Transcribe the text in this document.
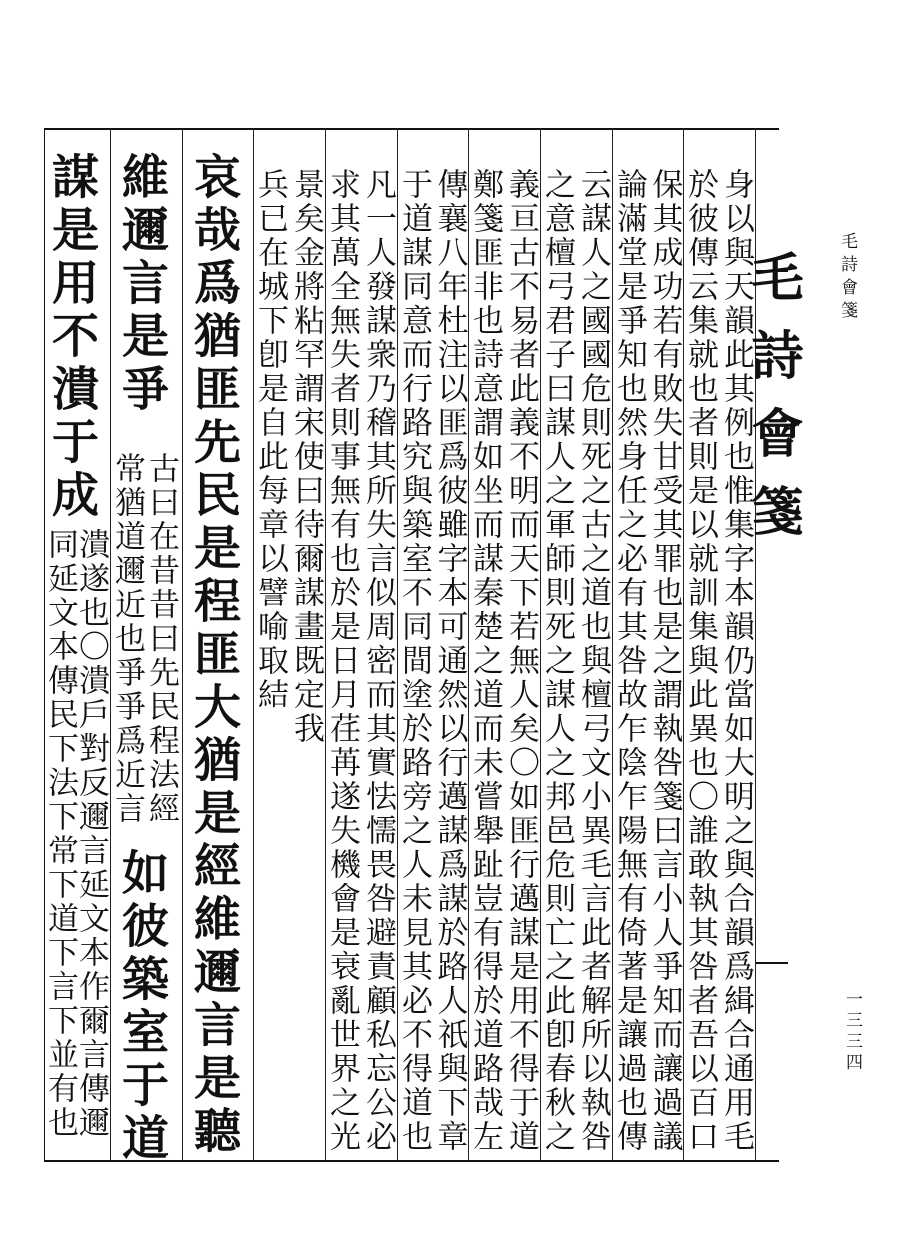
毛詩會箋 毛詩會箋
一三三四
身以與天韻此其例也惟集字本韻仍當如大明之與合韻爲緝合通用毛
於彼傳云集就也者則是以就訓集與此異也〇誰敢執其咎者吾以百口
保其成功若有敗失甘受其罪也是之謂執咎箋曰言小人爭知而讓過議
論滿堂是爭知也然身任之必有其咎故乍陰乍陽無有倚著是讓過也傳
云謀人之國國危則死之古之道也與檀弓文小異毛言此者解所以執咎
之意檀弓君子曰謀人之軍師則死之謀人之邦邑危則亡之此卽春秋之
義亘古不易者此義不明而天下若無人矣〇如匪行邁謀是用不得于道
鄭箋匪非也詩意謂如坐而謀秦楚之道而未嘗舉趾豈有得於道路哉左
傳襄八年杜注以匪爲彼雖字本可通然以行邁謀爲謀於路人祇與下章
于道謀同意而行路究與築室不同間塗於路旁之人未見其必不得道也
凡一人發謀衆乃稽其所失言似周密而其實怯懦畏咎避責顧私忘公必
求其萬全無失者則事無有也於是日月荏苒遂失機會是衰亂世界之光
哀哉爲猶匪先民是程匪大猶是經維邇言是聽
維邇言是爭
古曰在昔昔曰先民程法經
常猶道邇近也爭爭爲近言
如彼築室于道
謀是用不潰于成
潰遂也〇潰戶對反邇言延文本作爾言傳邇
同延文本傳民下法下常下道下言下並有也
景矣金將粘罕謂宋使曰待爾謀畫既定我
兵已在城下卽是自此每章以譬喻取結
